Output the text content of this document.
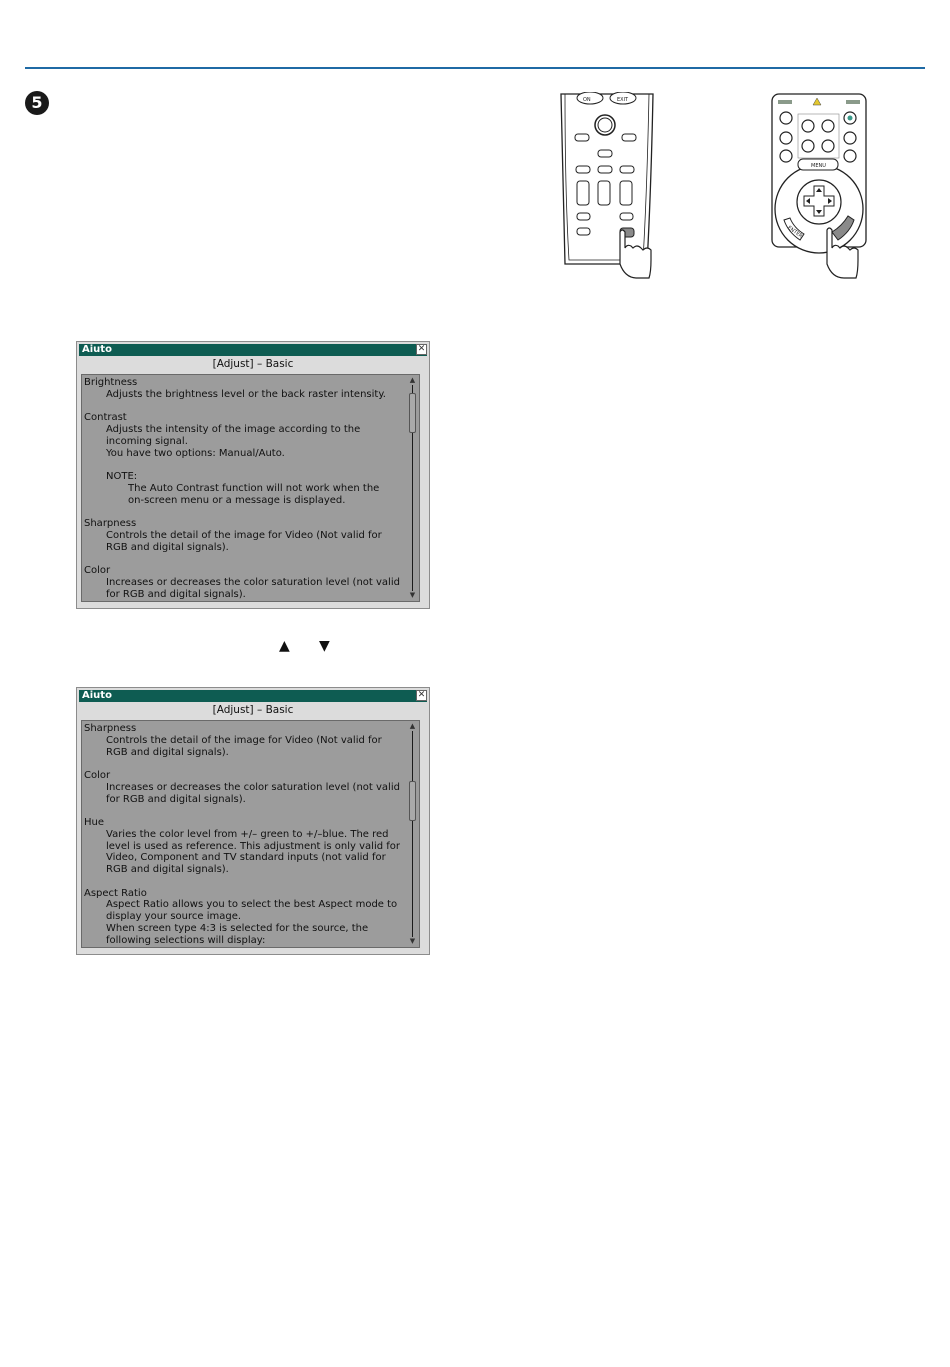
5	ON	EXIT
MENU
ENTER
Aiuto	✕
[Adjust] – Basic
Brightness
Adjusts the brightness level or the back raster intensity.
Contrast
Adjusts the intensity of the image according to the
incoming signal.
You have two options: Manual/Auto.
NOTE:
The Auto Contrast function will not work when the
on-screen menu or a message is displayed.
Sharpness
Controls the detail of the image for Video (Not valid for
RGB and digital signals).
Color
Increases or decreases the color saturation level (not valid
for RGB and digital signals).
▲
▼
▲ ▼
Aiuto	✕
[Adjust] – Basic
Sharpness
Controls the detail of the image for Video (Not valid for
RGB and digital signals).
Color
Increases or decreases the color saturation level (not valid
for RGB and digital signals).
Hue
Varies the color level from +/– green to +/–blue. The red
level is used as reference. This adjustment is only valid for
Video, Component and TV standard inputs (not valid for
RGB and digital signals).
Aspect Ratio
Aspect Ratio allows you to select the best Aspect mode to
display your source image.
When screen type 4:3 is selected for the source, the
following selections will display:
▲
▼
